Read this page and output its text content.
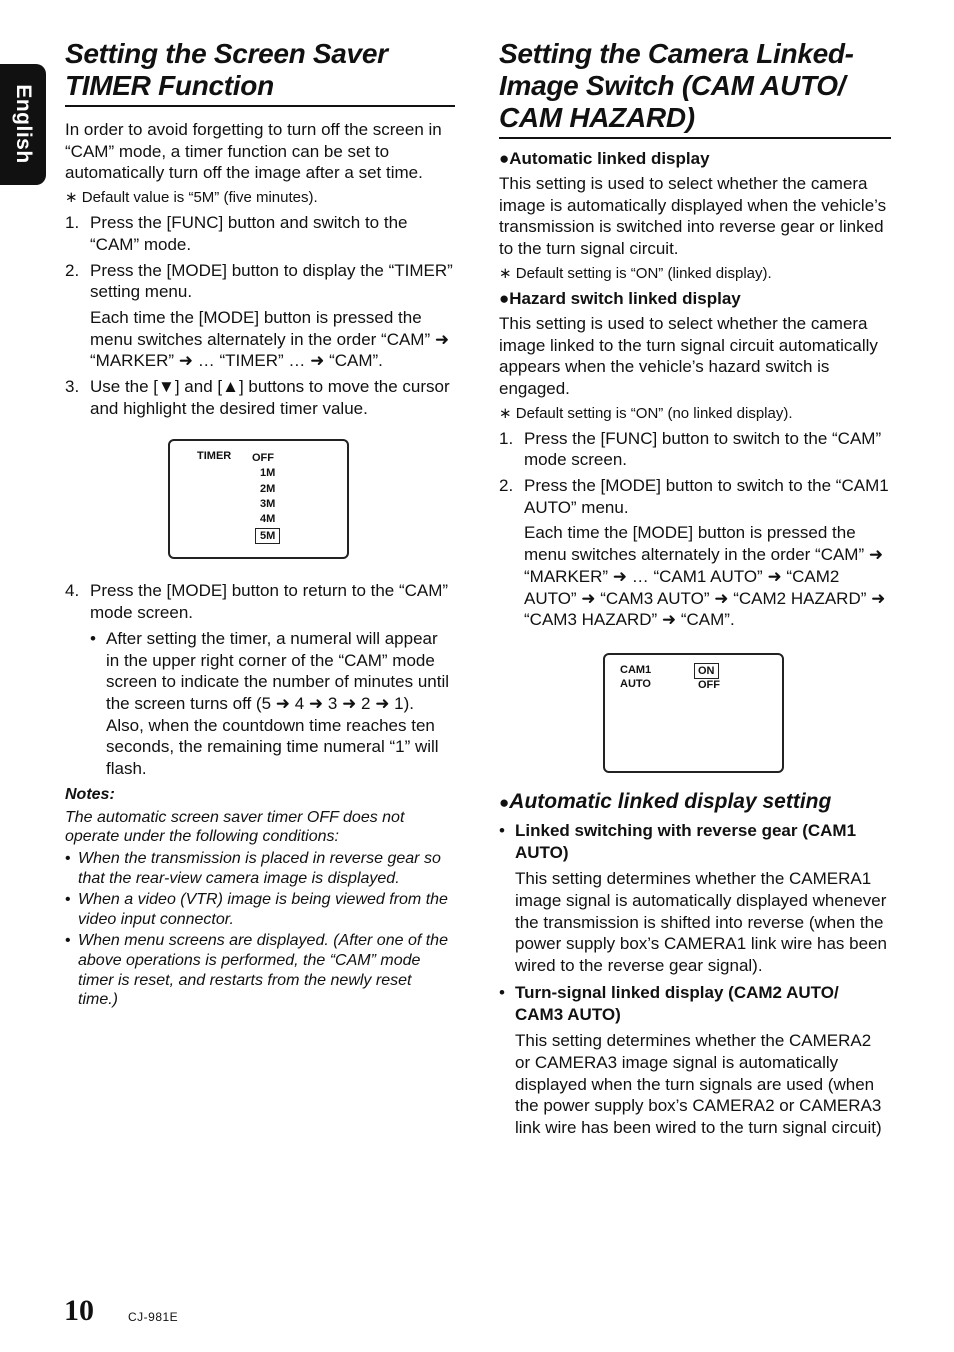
English
Setting the Screen Saver TIMER Function

In order to avoid forgetting to turn off the screen in “CAM” mode, a timer function can be set to automatically turn off the image after a set time.

∗ Default value is “5M” (five minutes).

1. Press the [FUNC] button and switch to the “CAM” mode.
2. Press the [MODE] button to display the “TIMER” setting menu.

Each time the [MODE] button is pressed the menu switches alternately in the order “CAM” ➜ “MARKER” ➜ … “TIMER” … ➜ “CAM”.

3. Use the [▼] and [▲] buttons to move the cursor and highlight the desired timer value.
TIMER OFF
1M
2M
3M
4M
5M
4. Press the [MODE] button to return to the “CAM” mode screen.
• After setting the timer, a numeral will appear in the upper right corner of the “CAM” mode screen to indicate the number of minutes until the screen turns off (5 ➜ 4 ➜ 3 ➜ 2 ➜ 1). Also, when the countdown time reaches ten seconds, the remaining time numeral “1” will flash.
Notes:

The automatic screen saver timer OFF does not operate under the following conditions:

• When the transmission is placed in reverse gear so that the rear-view camera image is displayed.
• When a video (VTR) image is being viewed from the video input connector.
• When menu screens are displayed. (After one of the above operations is performed, the “CAM” mode timer is reset, and restarts from the newly reset time.)
Setting the Camera Linked-Image Switch (CAM AUTO/ CAM HAZARD)
●Automatic linked display

This setting is used to select whether the camera image is automatically displayed when the vehicle’s transmission is switched into reverse gear or linked to the turn signal circuit.

∗ Default setting is “ON” (linked display).

●Hazard switch linked display

This setting is used to select whether the camera image linked to the turn signal circuit automatically appears when the vehicle’s hazard switch is engaged.

∗ Default setting is “ON” (no linked display).

1. Press the [FUNC] button to switch to the “CAM” mode screen.
2. Press the [MODE] button to switch to the “CAM1 AUTO” menu.

Each time the [MODE] button is pressed the menu switches alternately in the order “CAM” ➜ “MARKER” ➜ … “CAM1 AUTO” ➜ “CAM2 AUTO” ➜ “CAM3 AUTO” ➜ “CAM2 HAZARD” ➜ “CAM3 HAZARD” ➜ “CAM”.

CAM1
AUTO
ON
OFF
●Automatic linked display setting
• Linked switching with reverse gear (CAM1 AUTO)
This setting determines whether the CAMERA1 image signal is automatically displayed whenever the transmission is shifted into reverse (when the power supply box’s CAMERA1 link wire has been wired to the reverse gear signal).
• Turn-signal linked display (CAM2 AUTO/ CAM3 AUTO)
This setting determines whether the CAMERA2 or CAMERA3 image signal is automatically displayed when the turn signals are used (when the power supply box’s CAMERA2 or CAMERA3 link wire has been wired to the turn signal circuit)
10	CJ-981E
